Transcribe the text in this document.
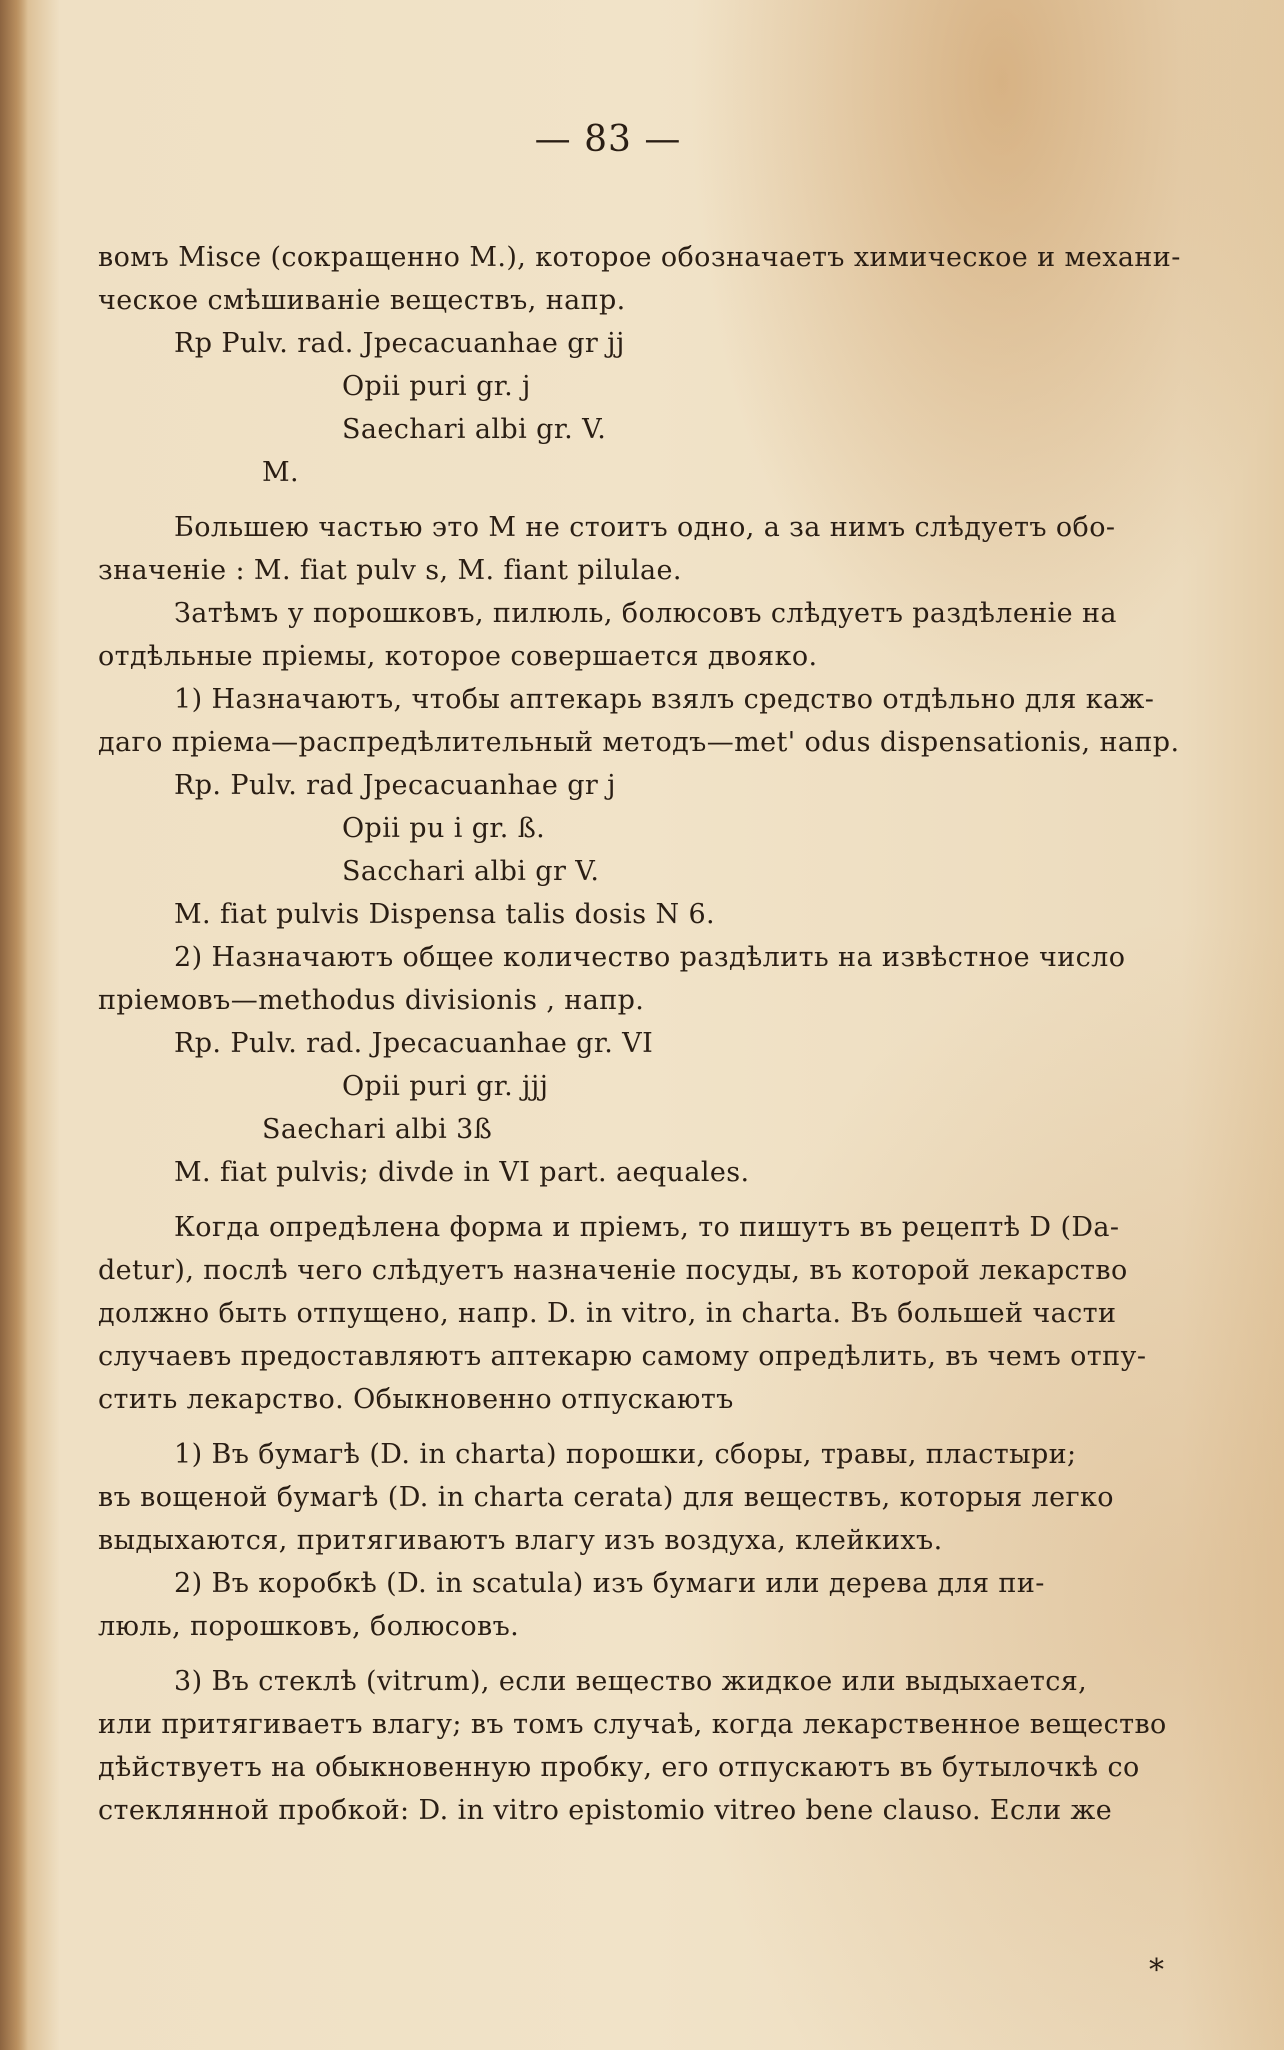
— 83 —
вомъ Misce (сокращенно М.), которое обозначаетъ химическое и механи-
ческое смѣшиваніе веществъ, напр.
Rp Pulv. rad. Jpecacuanhae gr jj
Opii puri gr. j
Saechari albi gr. V.
M.
Большею частью это М не стоитъ одно, а за нимъ слѣдуетъ обо-
значеніе : М. fiat pulv s, M. fiant pilulae.
Затѣмъ у порошковъ, пилюль, болюсовъ слѣдуетъ раздѣленіе на
отдѣльные пріемы, которое совершается двояко.
1) Назначаютъ, чтобы аптекарь взялъ средство отдѣльно для каж-
даго пріема—распредѣлительный методъ—met' odus dispensationis, напр.
Rp. Pulv. rad Jpecacuanhae gr j
Opii pu i gr. ß.
Sacchari albi gr V.
M. fiat pulvis Dispensa talis dosis N 6.
2) Назначаютъ общее количество раздѣлить на извѣстное число
пріемовъ—methodus divisionis , напр.
Rp. Pulv. rad. Jpecacuanhae gr. VI
Opii puri gr. jjj
Saechari albi 3ß
M. fiat pulvis; divde in VI part. aequales.
Когда опредѣлена форма и пріемъ, то пишутъ въ рецептѣ D (Da-
detur), послѣ чего слѣдуетъ назначеніе посуды, въ которой лекарство
должно быть отпущено, напр. D. in vitro, in charta. Въ большей части
случаевъ предоставляютъ аптекарю самому опредѣлить, въ чемъ отпу-
стить лекарство. Обыкновенно отпускаютъ
1) Въ бумагѣ (D. in charta) порошки, сборы, травы, пластыри;
въ вощеной бумагѣ (D. in charta cerata) для веществъ, которыя легко
выдыхаются, притягиваютъ влагу изъ воздуха, клейкихъ.
2) Въ коробкѣ (D. in scatula) изъ бумаги или дерева для пи-
люль, порошковъ, болюсовъ.
3) Въ стеклѣ (vitrum), если вещество жидкое или выдыхается,
или притягиваетъ влагу; въ томъ случаѣ, когда лекарственное вещество
дѣйствуетъ на обыкновенную пробку, его отпускаютъ въ бутылочкѣ со
стеклянной пробкой: D. in vitro epistomio vitreo bene clauso. Если же
*
